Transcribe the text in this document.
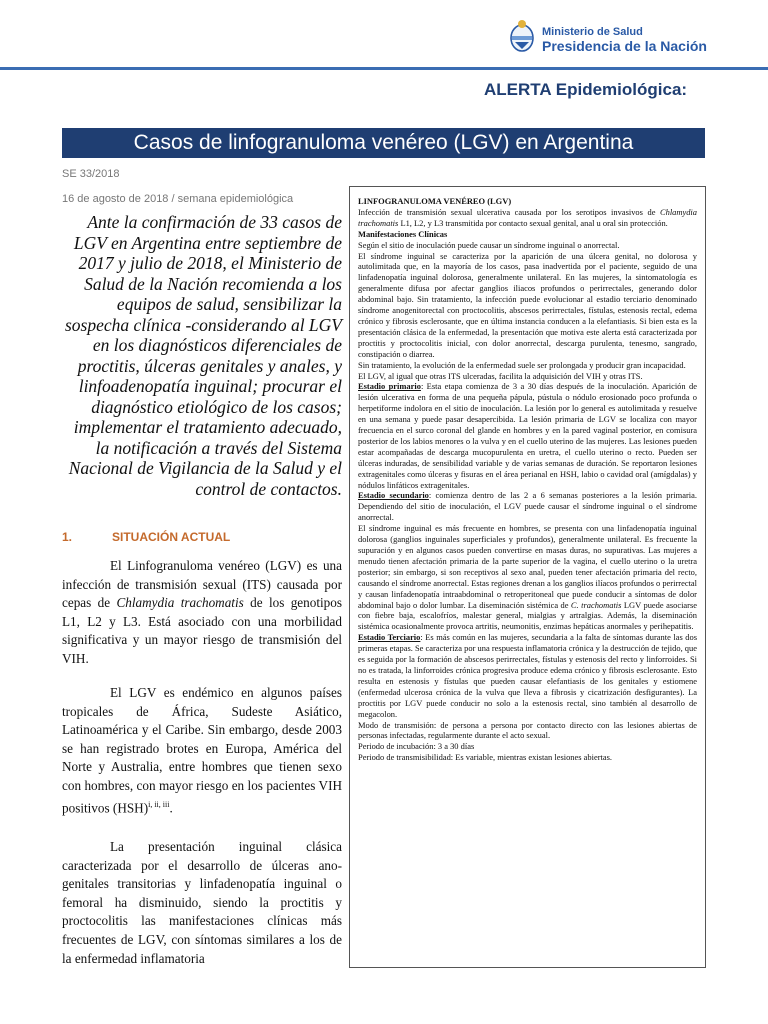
Ministerio de Salud
Presidencia de la Nación
ALERTA Epidemiológica:
Casos de linfogranuloma venéreo (LGV) en Argentina
SE 33/2018
16 de agosto de 2018 / semana epidemiológica
Ante la confirmación de 33 casos de LGV en Argentina entre septiembre de 2017 y julio de 2018, el Ministerio de Salud de la Nación recomienda a los equipos de salud, sensibilizar la sospecha clínica -considerando al LGV en los diagnósticos diferenciales de proctitis, úlceras genitales y anales, y linfoadenopatía inguinal; procurar el diagnóstico etiológico de los casos; implementar el tratamiento adecuado, la notificación a través del Sistema Nacional de Vigilancia de la Salud y el control de contactos.
1.	SITUACIÓN ACTUAL
El Linfogranuloma venéreo (LGV) es una infección de transmisión sexual (ITS) causada por cepas de Chlamydia trachomatis de los genotipos L1, L2 y L3. Está asociado con una morbilidad significativa y un mayor riesgo de transmisión del VIH.
El LGV es endémico en algunos países tropicales de África, Sudeste Asiático, Latinoamérica y el Caribe. Sin embargo, desde 2003 se han registrado brotes en Europa, América del Norte y Australia, entre hombres que tienen sexo con hombres, con mayor riesgo en los pacientes VIH positivos (HSH)$^{i, ii, iii}$.
La presentación inguinal clásica caracterizada por el desarrollo de úlceras ano-genitales transitorias y linfadenopatía inguinal o femoral ha disminuido, siendo la proctitis y proctocolitis las manifestaciones clínicas más frecuentes de LGV, con síntomas similares a los de la enfermedad inflamatoria

LINFOGRANULOMA VENÉREO (LGV)

Infección de transmisión sexual ulcerativa causada por los serotipos invasivos de Chlamydia trachomatis L1, L2, y L3 transmitida por contacto sexual genital, anal u oral sin protección.

Manifestaciones Clínicas

Según el sitio de inoculación puede causar un síndrome inguinal o anorrectal.

El síndrome inguinal se caracteriza por la aparición de una úlcera genital, no dolorosa y autolimitada que, en la mayoría de los casos, pasa inadvertida por el paciente, seguido de una linfadenopatía inguinal dolorosa, generalmente unilateral. En las mujeres, la sintomatología es generalmente difusa por afectar ganglios iliacos profundos o perirrectales, generando dolor abdominal bajo. Sin tratamiento, la infección puede evolucionar al estadio terciario denominado síndrome anogenitorectal con proctocolitis, abscesos perirrectales, fístulas, estenosis rectal, edema crónico y fibrosis esclerosante, que en última instancia conducen a la elefantiasis. Si bien esta es la presentación clásica de la enfermedad, la presentación que motiva este alerta está caracterizada por proctitis y proctocolitis inicial, con dolor anorrectal, descarga purulenta, tenesmo, sangrado, constipación o diarrea.

Sin tratamiento, la evolución de la enfermedad suele ser prolongada y producir gran incapacidad.

El LGV, al igual que otras ITS ulceradas, facilita la adquisición del VIH y otras ITS.

Estadio primario: Esta etapa comienza de 3 a 30 días después de la inoculación. Aparición de lesión ulcerativa en forma de una pequeña pápula, pústula o nódulo erosionado poco profunda o herpetiforme indolora en el sitio de inoculación. La lesión por lo general es autolimitada y resuelve en una semana y puede pasar desapercibida. La lesión primaria de LGV se localiza con mayor frecuencia en el surco coronal del glande en hombres y en la pared vaginal posterior, en comisura posterior de los labios menores o la vulva y en el cuello uterino de las mujeres. Las lesiones pueden estar acompañadas de descarga mucopurulenta en uretra, el cuello uterino o recto. Pueden ser úlceras induradas, de sensibilidad variable y de varias semanas de duración. Se reportaron lesiones extragenitales como úlceras y fisuras en el área perianal en HSH, labio o cavidad oral (amígdalas) y nódulos linfáticos extragenitales.

Estadio secundario: comienza dentro de las 2 a 6 semanas posteriores a la lesión primaria. Dependiendo del sitio de inoculación, el LGV puede causar el síndrome inguinal o el síndrome anorrectal.

El síndrome inguinal es más frecuente en hombres, se presenta con una linfadenopatía inguinal dolorosa (ganglios inguinales superficiales y profundos), generalmente unilateral. Es frecuente la supuración y en algunos casos pueden convertirse en masas duras, no supurativas. Las mujeres a menudo tienen afectación primaria de la parte superior de la vagina, el cuello uterino o la uretra posterior; sin embargo, si son receptivos al sexo anal, pueden tener afectación primaria del recto, causando el síndrome anorrectal. Estas regiones drenan a los ganglios ilíacos profundos o perirrectal y causan linfadenopatía intraabdominal o retroperitoneal que puede conducir a síntomas de dolor abdominal bajo o dolor lumbar. La diseminación sistémica de C. trachomatis LGV puede asociarse con fiebre baja, escalofríos, malestar general, mialgias y artralgias. Además, la diseminación sistémica ocasionalmente provoca artritis, neumonitis, enzimas hepáticas anormales y perihepatitis.

Estadio Terciario: Es más común en las mujeres, secundaria a la falta de síntomas durante las dos primeras etapas. Se caracteriza por una respuesta inflamatoria crónica y la destrucción de tejido, que es seguida por la formación de abscesos perirrectales, fístulas y estenosis del recto y linforroides. Si no es tratada, la linforroides crónica progresiva produce edema crónico y fibrosis esclerosante. Esto resulta en estenosis y fístulas que pueden causar elefantiasis de los genitales y estiomene (enfermedad ulcerosa crónica de la vulva que lleva a fibrosis y cicatrización desfigurantes). La proctitis por LGV puede conducir no solo a la estenosis rectal, sino también al desarrollo de megacolon.

Modo de transmisión: de persona a persona por contacto directo con las lesiones abiertas de personas infectadas, regularmente durante el acto sexual.

Periodo de incubación: 3 a 30 días

Periodo de transmisibilidad: Es variable, mientras existan lesiones abiertas.
